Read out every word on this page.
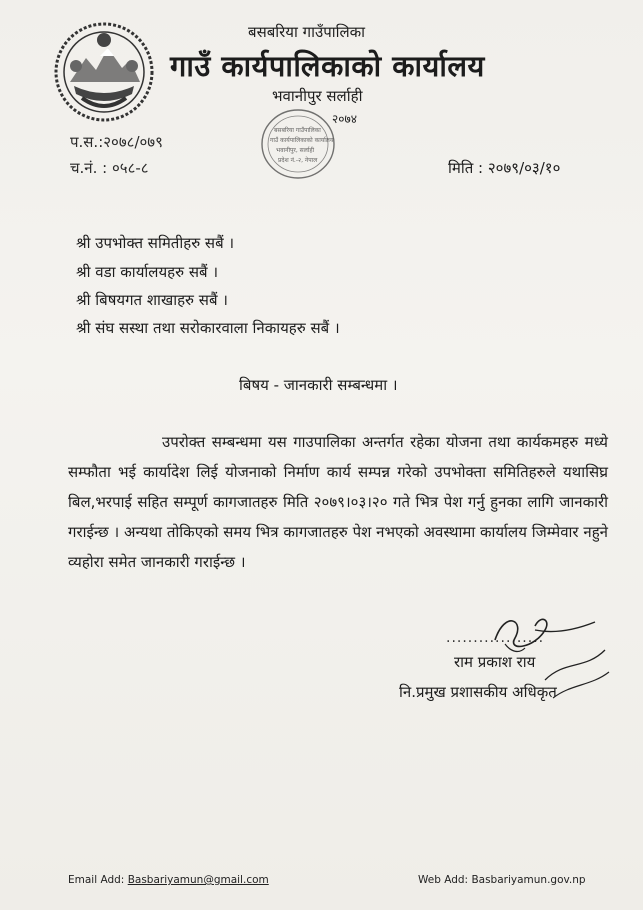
बसबरिया गाउँपालिका
गाउँ कार्यपालिकाको कार्यालय
भवानीपुर सर्लाही
२०७४
बसबरिया गाउँपालिका
गाउँ कार्यपालिकाको कार्यालय
भवानीपुर, सर्लाही
प्रदेश नं.-२, नेपाल
प.स.:२०७८/०७९
च.नं. : ०५८-८	मिति : २०७९/०३/१०
श्री उपभोक्त समितीहरु सबैं ।
श्री वडा कार्यालयहरु सबैं ।
श्री बिषयगत शाखाहरु सबैं ।
श्री संघ सस्था तथा सरोकारवाला निकायहरु सबैं ।
बिषय - जानकारी सम्बन्धमा ।
उपरोक्त सम्बन्धमा यस गाउपालिका अन्तर्गत रहेका योजना तथा कार्यकमहरु मध्ये सम्फौता भई कार्यादेश लिई योजनाको निर्माण कार्य सम्पन्न गरेको उपभोक्ता समितिहरुले यथासिघ्र बिल,भरपाई सहित सम्पूर्ण कागजातहरु मिति २०७९।०३।२० गते भित्र पेश गर्नु हुनका लागि जानकारी गराईन्छ । अन्यथा तोकिएको समय भित्र कागजातहरु पेश नभएको अवस्थामा कार्यालय जिम्मेवार नहुने व्यहोरा समेत जानकारी गराईन्छ ।
..................
राम प्रकाश राय
नि.प्रमुख प्रशासकीय अधिकृत
Email Add: Basbariyamun@gmail.com	Web Add: Basbariyamun.gov.np
